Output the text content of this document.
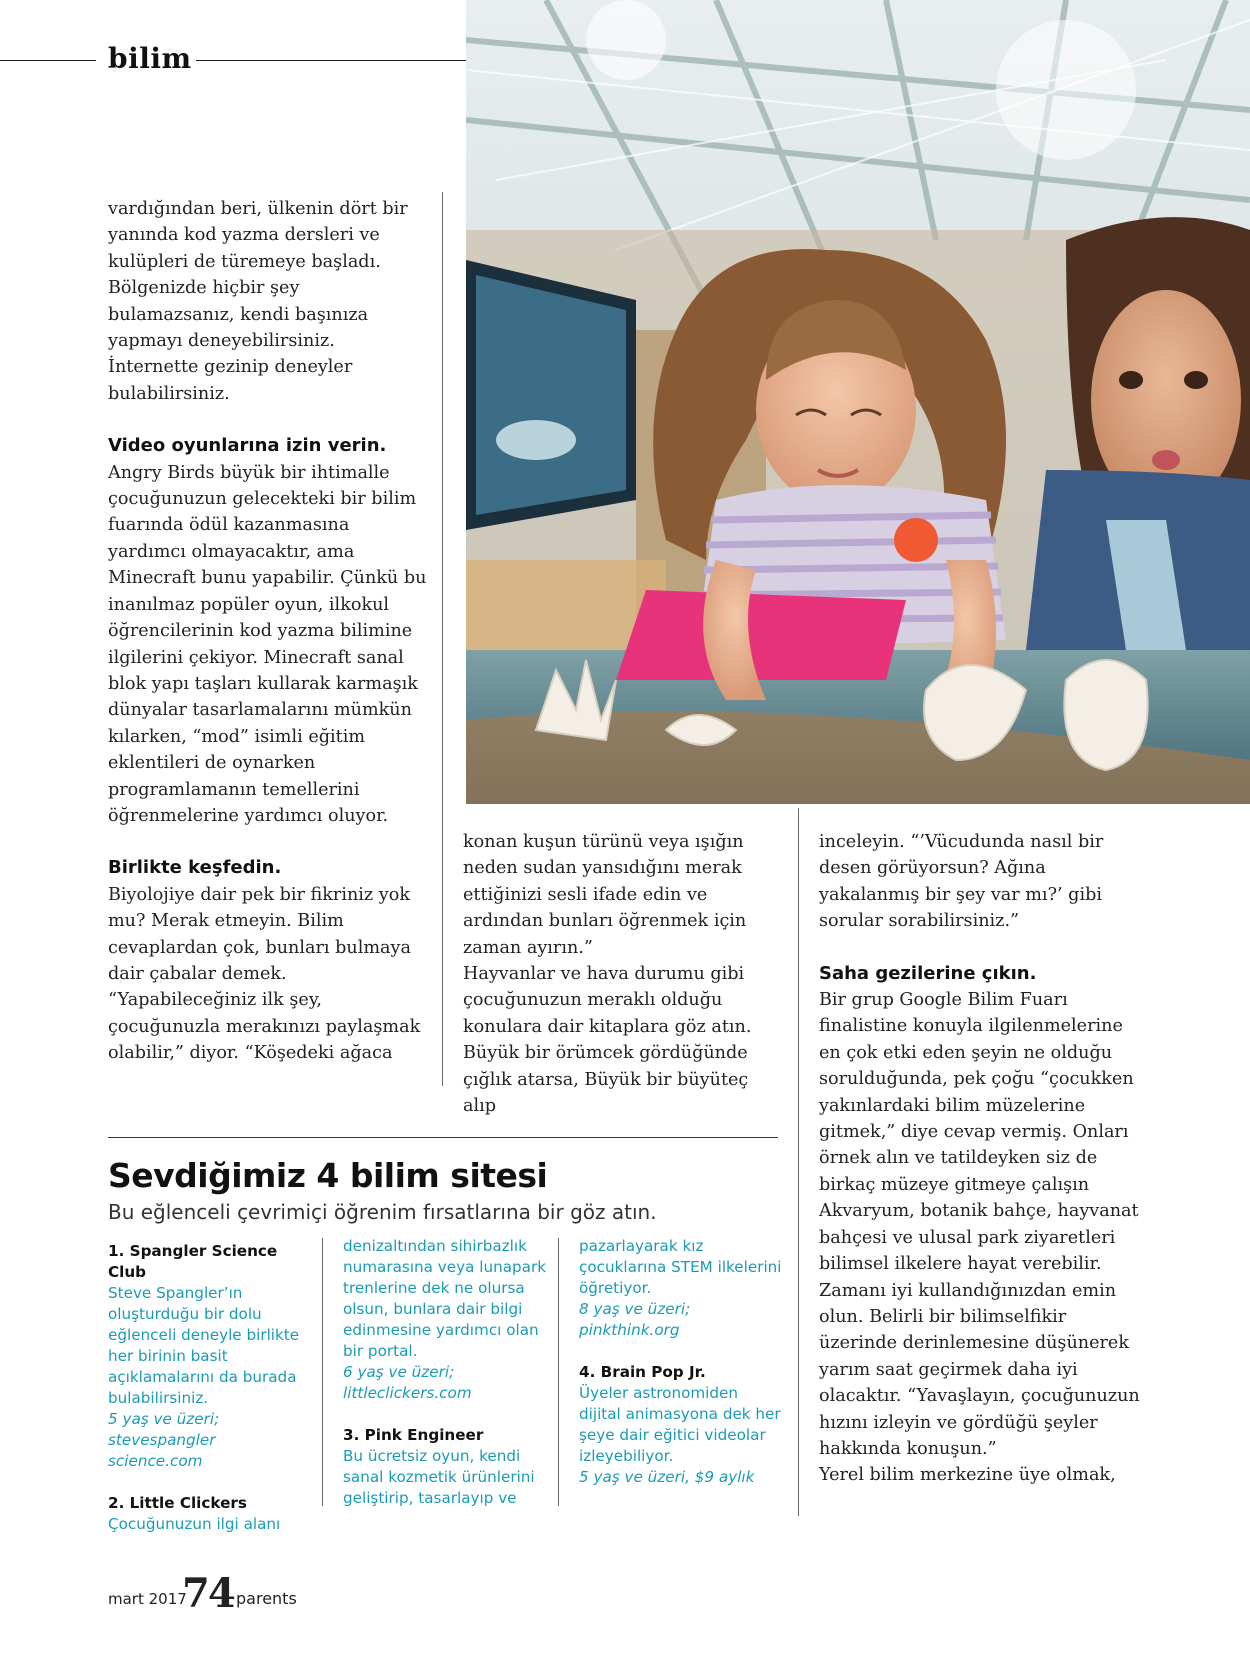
bilim

vardığından beri, ülkenin dört bir yanında kod yazma dersleri ve kulüpleri de türemeye başladı. Bölgenizde hiçbir şey bulamazsanız, kendi başınıza yapmayı deneyebilirsiniz. İnternette gezinip deneyler bulabilirsiniz.

Video oyunlarına izin verin.

Angry Birds büyük bir ihtimalle çocuğunuzun gelecekteki bir bilim fuarında ödül kazanmasına yardımcı olmayacaktır, ama Minecraft bunu yapabilir. Çünkü bu inanılmaz popüler oyun, ilkokul öğrencilerinin kod yazma bilimine ilgilerini çekiyor. Minecraft sanal blok yapı taşları kullarak karmaşık dünyalar tasarlamalarını mümkün kılarken, “mod” isimli eğitim eklentileri de oynarken programlamanın temellerini öğrenmelerine yardımcı oluyor.

Birlikte keşfedin.

Biyolojiye dair pek bir fikriniz yok mu? Merak etmeyin. Bilim cevaplardan çok, bunları bulmaya dair çabalar demek. “Yapabileceğiniz ilk şey, çocuğunuzla merakınızı paylaşmak olabilir,” diyor. “Köşedeki ağaca

konan kuşun türünü veya ışığın neden sudan yansıdığını merak ettiğinizi sesli ifade edin ve ardından bunları öğrenmek için zaman ayırın.”

Hayvanlar ve hava durumu gibi çocuğunuzun meraklı olduğu konulara dair kitaplara göz atın. Büyük bir örümcek gördüğünde çığlık atarsa, Büyük bir büyüteç alıp

inceleyin. “’Vücudunda nasıl bir desen görüyorsun? Ağına yakalanmış bir şey var mı?’ gibi sorular sorabilirsiniz.”

Saha gezilerine çıkın.

Bir grup Google Bilim Fuarı finalistine konuyla ilgilenmelerine en çok etki eden şeyin ne olduğu sorulduğunda, pek çoğu “çocukken yakınlardaki bilim müzelerine gitmek,” diye cevap vermiş. Onları örnek alın ve tatildeyken siz de birkaç müzeye gitmeye çalışın Akvaryum, botanik bahçe, hayvanat bahçesi ve ulusal park ziyaretleri bilimsel ilkelere hayat verebilir. Zamanı iyi kullandığınızdan emin olun. Belirli bir bilimselfikir üzerinde derinlemesine düşünerek yarım saat geçirmek daha iyi olacaktır. “Yavaşlayın, çocuğunuzun hızını izleyin ve gördüğü şeyler hakkında konuşun.”

Yerel bilim merkezine üye olmak,

Sevdiğimiz 4 bilim sitesi
Bu eğlenceli çevrimiçi öğrenim fırsatlarına bir göz atın.
1. Spangler Science Club
Steve Spangler’ın oluşturduğu bir dolu eğlenceli deneyle birlikte her birinin basit açıklamalarını da burada bulabilirsiniz.
5 yaş ve üzeri; stevespangler science.com
2. Little Clickers
Çocuğunuzun ilgi alanı
denizaltından sihirbazlık numarasına veya lunapark trenlerine dek ne olursa olsun, bunlara dair bilgi edinmesine yardımcı olan bir portal.
6 yaş ve üzeri; littleclickers.com
3. Pink Engineer
Bu ücretsiz oyun, kendi sanal kozmetik ürünlerini geliştirip, tasarlayıp ve
pazarlayarak kız çocuklarına STEM ilkelerini öğretiyor.
8 yaş ve üzeri; pinkthink.org
4. Brain Pop Jr.
Üyeler astronomiden dijital animasyona dek her şeye dair eğitici videolar izleyebiliyor.
5 yaş ve üzeri, $9 aylık
mart 2017
74 parents
